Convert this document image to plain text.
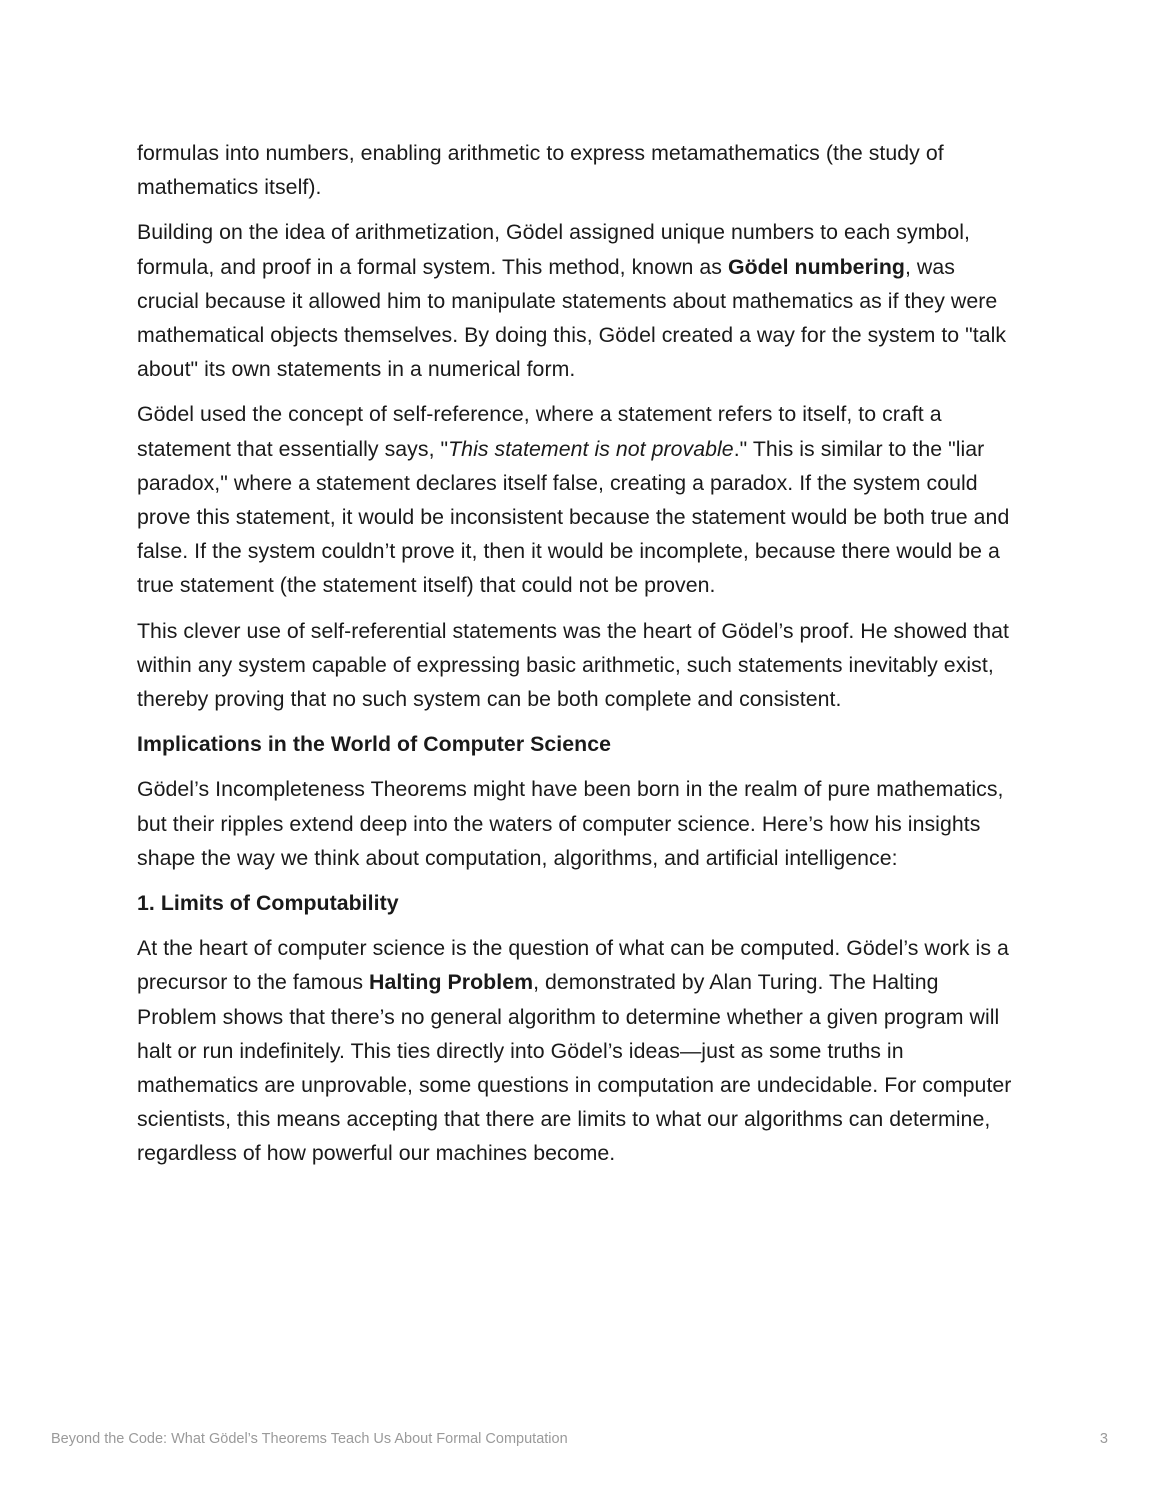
formulas into numbers, enabling arithmetic to express metamathematics (the study of mathematics itself).

Building on the idea of arithmetization, Gödel assigned unique numbers to each symbol, formula, and proof in a formal system. This method, known as Gödel numbering, was crucial because it allowed him to manipulate statements about mathematics as if they were mathematical objects themselves. By doing this, Gödel created a way for the system to "talk about" its own statements in a numerical form.

Gödel used the concept of self-reference, where a statement refers to itself, to craft a statement that essentially says, "This statement is not provable." This is similar to the "liar paradox," where a statement declares itself false, creating a paradox. If the system could prove this statement, it would be inconsistent because the statement would be both true and false. If the system couldn’t prove it, then it would be incomplete, because there would be a true statement (the statement itself) that could not be proven.

This clever use of self-referential statements was the heart of Gödel’s proof. He showed that within any system capable of expressing basic arithmetic, such statements inevitably exist, thereby proving that no such system can be both complete and consistent.

Implications in the World of Computer Science

Gödel’s Incompleteness Theorems might have been born in the realm of pure mathematics, but their ripples extend deep into the waters of computer science. Here’s how his insights shape the way we think about computation, algorithms, and artificial intelligence:

1. Limits of Computability

At the heart of computer science is the question of what can be computed. Gödel’s work is a precursor to the famous Halting Problem, demonstrated by Alan Turing. The Halting Problem shows that there’s no general algorithm to determine whether a given program will halt or run indefinitely. This ties directly into Gödel’s ideas—just as some truths in mathematics are unprovable, some questions in computation are undecidable. For computer scientists, this means accepting that there are limits to what our algorithms can determine, regardless of how powerful our machines become.

Beyond the Code: What Gödel’s Theorems Teach Us About Formal Computation	3
